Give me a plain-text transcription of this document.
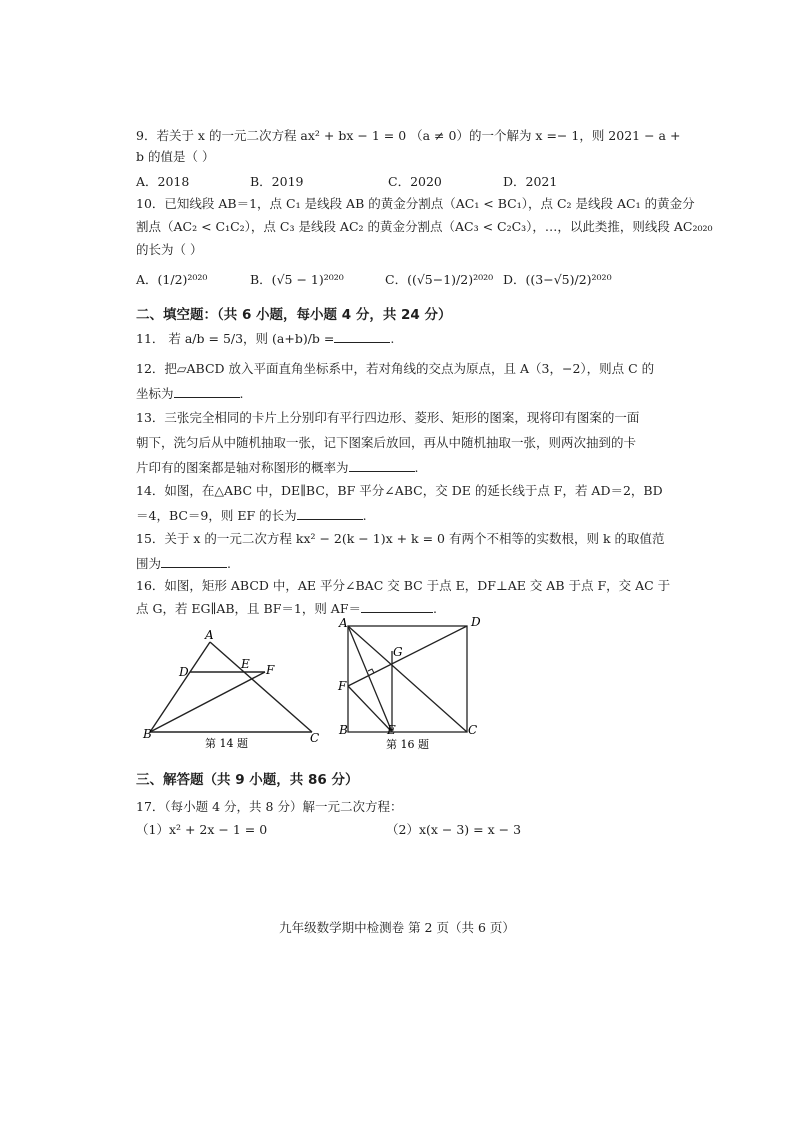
9．若关于 x 的一元二次方程 ax² + bx − 1 = 0 （a ≠ 0）的一个解为 x =− 1，则 2021 − a +
b 的值是（ ）
A．2018	B．2019	C．2020	D．2021
10．已知线段 AB＝1，点 C₁ 是线段 AB 的黄金分割点（AC₁ < BC₁），点 C₂ 是线段 AC₁ 的黄金分
割点（AC₂ < C₁C₂），点 C₃ 是线段 AC₂ 的黄金分割点（AC₃ < C₂C₃），…，以此类推，则线段 AC₂₀₂₀
的长为（ ）
A．(1/2)²⁰²⁰	B．(√5 − 1)²⁰²⁰	C．((√5−1)/2)²⁰²⁰ D．((3−√5)/2)²⁰²⁰
二、填空题：（共 6 小题，每小题 4 分，共 24 分）
11． 若 a/b = 5/3，则 (a+b)/b =	.
12．把▱ABCD 放入平面直角坐标系中，若对角线的交点为原点，且 A（3，−2），则点 C 的
坐标为	.
13．三张完全相同的卡片上分别印有平行四边形、菱形、矩形的图案，现将印有图案的一面
朝下，洗匀后从中随机抽取一张，记下图案后放回，再从中随机抽取一张，则两次抽到的卡
片印有的图案都是轴对称图形的概率为	.
14．如图，在△ABC 中，DE∥BC，BF 平分∠ABC，交 DE 的延长线于点 F，若 AD＝2，BD
＝4，BC＝9，则 EF 的长为	.
15．关于 x 的一元二次方程 kx² − 2(k − 1)x + k = 0 有两个不相等的实数根，则 k 的取值范
围为	.
16．如图，矩形 ABCD 中，AE 平分∠BAC 交 BC 于点 E，DF⊥AE 交 AB 于点 F，交 AC 于
点 G，若 EG∥AB，且 BF＝1，则 AF＝	.
A
D
E F
B	C
第 14 题
A	D
G
F
B	E	C
第 16 题
三、解答题（共 9 小题，共 86 分）
17．（每小题 4 分，共 8 分）解一元二次方程：
（1）x² + 2x − 1 = 0	（2）x(x − 3) = x − 3
九年级数学期中检测卷 第 2 页（共 6 页）
